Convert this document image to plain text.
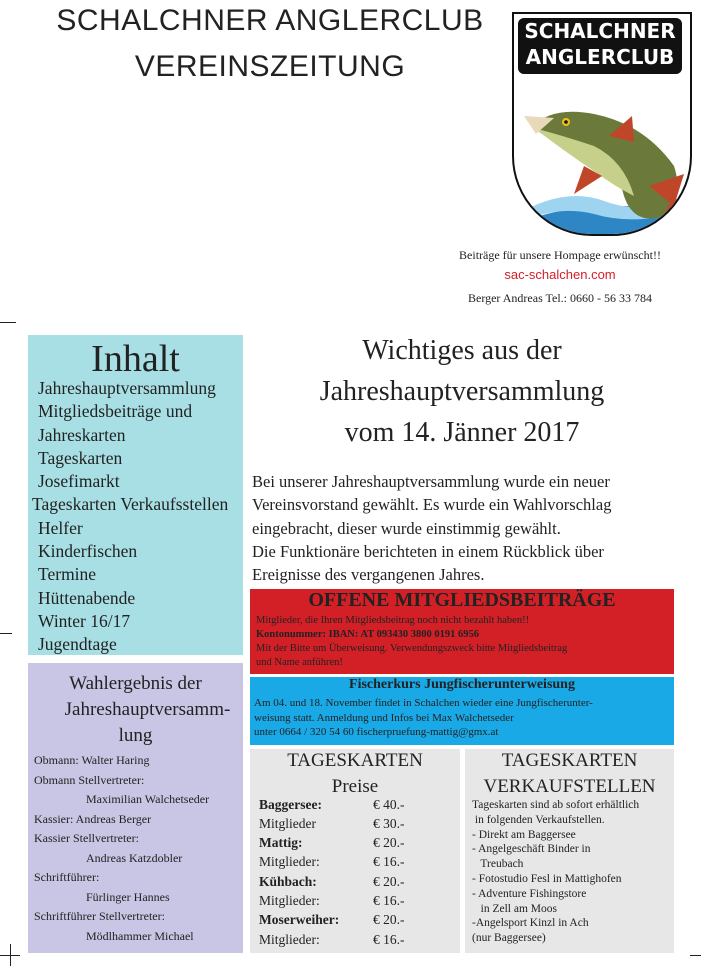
SCHALCHNER ANGLERCLUB
VEREINSZEITUNG
SCHALCHNER
ANGLERCLUB
Beiträge für unsere Hompage erwünscht!!
sac-schalchen.com
Berger Andreas Tel.: 0660 - 56 33 784
Inhalt
Jahreshauptversammlung
Mitgliedsbeiträge und
Jahreskarten
Tageskarten
Josefimarkt
Tageskarten Verkaufsstellen
Helfer
Kinderfischen
Termine
Hüttenabende
Winter 16/17
Jugendtage
Wahlergebnis der
Jahreshauptversamm-
lung
Obmann: Walter Haring
Obmann Stellvertreter:
Maximilian Walchetseder
Kassier: Andreas Berger
Kassier Stellvertreter:
Andreas Katzdobler
Schriftführer:
Fürlinger Hannes
Schriftführer Stellvertreter:
Mödlhammer Michael
Wichtiges aus der
Jahreshauptversammlung
vom 14. Jänner 2017
Bei unserer Jahreshauptversammlung wurde ein neuer
Vereinsvorstand gewählt. Es wurde ein Wahlvorschlag
eingebracht, dieser wurde einstimmig gewählt.
Die Funktionäre berichteten in einem Rückblick über
Ereignisse des vergangenen Jahres.
OFFENE MITGLIEDSBEITRÄGE
Mitglieder, die Ihren Mitgliedsbeitrag noch nicht bezahlt haben!!
Kontonummer: IBAN: AT 093430 3800 0191 6956
Mit der Bitte um Überweisung. Verwendungszweck bitte Mitgliedsbeitrag
und Name anführen!
Fischerkurs Jungfischerunterweisung
Am 04. und 18. November findet in Schalchen wieder eine Jungfischerunter-
weisung statt. Anmeldung und Infos bei Max Walchetseder
unter 0664 / 320 54 60 fischerpruefung-mattig@gmx.at
TAGESKARTEN
Preise
Baggersee:	€ 40.-
Mitglieder	€ 30.-
Mattig:	€ 20.-
Mitglieder:	€ 16.-
Kühbach:	€ 20.-
Mitglieder:	€ 16.-
Moserweiher:	€ 20.-
Mitglieder:	€ 16.-
TAGESKARTEN
VERKAUFSTELLEN
Tageskarten sind ab sofort erhältlich
in folgenden Verkaufstellen.
- Direkt am Baggersee
- Angelgeschäft Binder in
Treubach
- Fotostudio Fesl in Mattighofen
- Adventure Fishingstore
in Zell am Moos
-Angelsport Kinzl in Ach
(nur Baggersee)
